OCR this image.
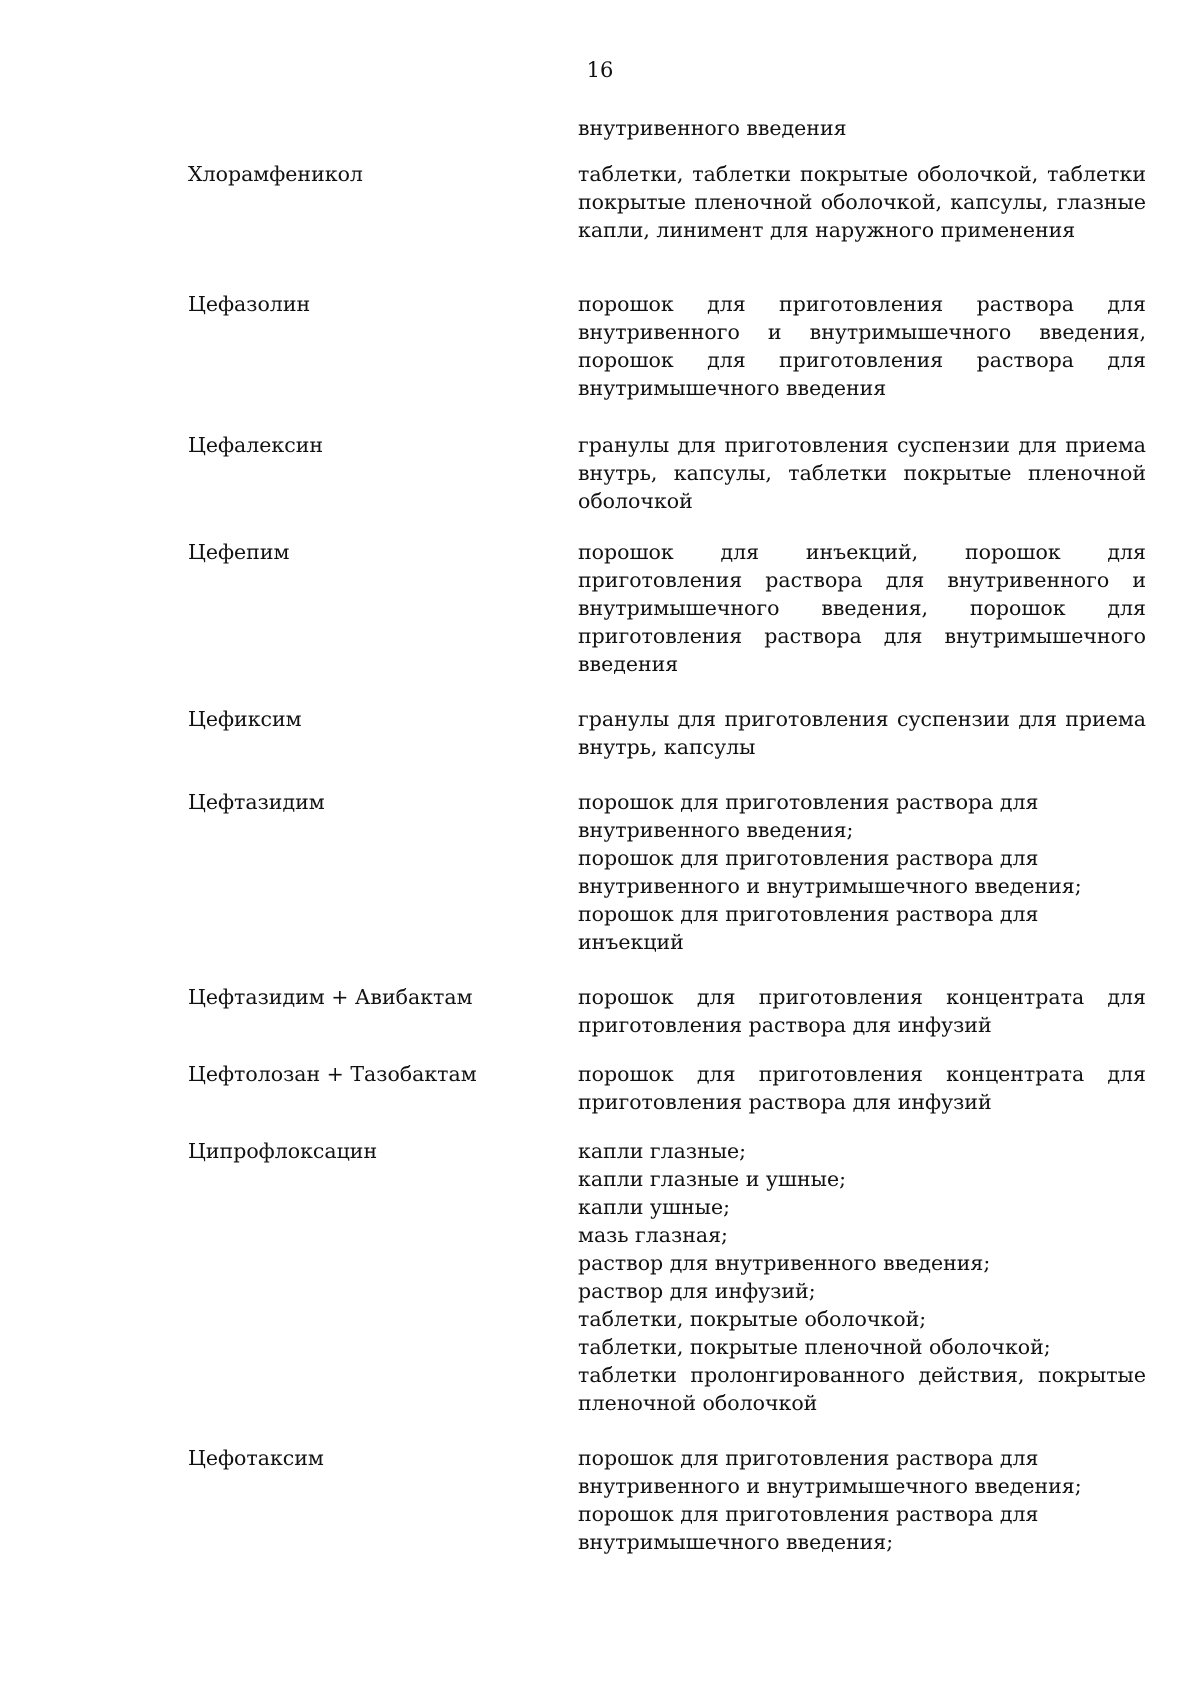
16
внутривенного введения
Хлорамфеникол	таблетки, таблетки покрытые оболочкой, таблетки покрытые пленочной оболочкой, капсулы, глазные капли, линимент для наружного применения
Цефазолин	порошок для приготовления раствора для внутривенного и внутримышечного введения, порошок для приготовления раствора для внутримышечного введения
Цефалексин	гранулы для приготовления суспензии для приема внутрь, капсулы, таблетки покрытые пленочной оболочкой
Цефепим	порошок для инъекций, порошок для приготовления раствора для внутривенного и внутримышечного введения, порошок для приготовления раствора для внутримышечного введения
Цефиксим	гранулы для приготовления суспензии для приема внутрь, капсулы
Цефтазидим	порошок для приготовления раствора для
внутривенного введения;
порошок для приготовления раствора для
внутривенного и внутримышечного введения;
порошок для приготовления раствора для инъекций
Цефтазидим + Авибактам	порошок для приготовления концентрата для приготовления раствора для инфузий
Цефтолозан + Тазобактам	порошок для приготовления концентрата для приготовления раствора для инфузий
Ципрофлоксацин	капли глазные;
капли глазные и ушные;
капли ушные;
мазь глазная;
раствор для внутривенного введения;
раствор для инфузий;
таблетки, покрытые оболочкой;
таблетки, покрытые пленочной оболочкой;
таблетки пролонгированного действия, покрытые пленочной оболочкой
Цефотаксим	порошок для приготовления раствора для
внутривенного и внутримышечного введения;
порошок для приготовления раствора для
внутримышечного введения;
